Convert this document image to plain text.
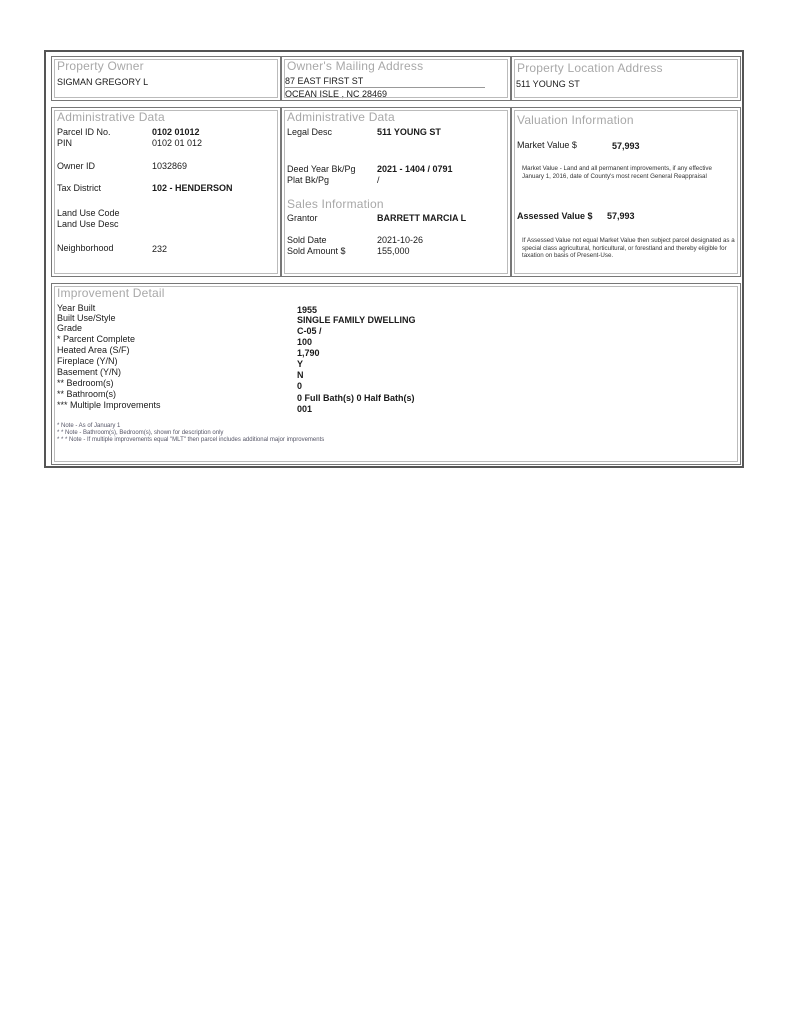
Property Owner
SIGMAN GREGORY L
Owner's Mailing Address
87 EAST FIRST ST
OCEAN ISLE , NC 28469
Property Location Address
511 YOUNG ST
Administrative Data
Parcel ID No.	0102 01012
PIN	0102 01 012
Owner ID	1032869
Tax District	102 - HENDERSON
Land Use Code
Land Use Desc
Neighborhood	232
Administrative Data
Legal Desc	511 YOUNG ST
Deed Year Bk/Pg 2021 - 1404 / 0791
Plat Bk/Pg	/
Sales Information
Grantor	BARRETT MARCIA L
Sold Date	2021-10-26
Sold Amount $	155,000
Valuation Information
Market Value $	57,993
Market Value - Land and all permanent improvements, if any effective January 1, 2016, date of County's most recent General Reappraisal
Assessed Value $ 57,993
If Assessed Value not equal Market Value then subject parcel designated as a special class agricultural, horticultural, or forestland and thereby eligible for taxation on basis of Present-Use.
Improvement Detail
Year Built	1955
Built Use/Style	SINGLE FAMILY DWELLING
Grade	C-05 /
* Parcent Complete	100
Heated Area (S/F)	1,790
Fireplace (Y/N)	Y
Basement (Y/N)	N
** Bedroom(s)	0
** Bathroom(s)	0 Full Bath(s) 0 Half Bath(s)
*** Multiple Improvements	001
* Note - As of January 1
* * Note - Bathroom(s), Bedroom(s), shown for description only
* * * Note - If multiple improvements equal "MLT" then parcel includes additional major improvements
